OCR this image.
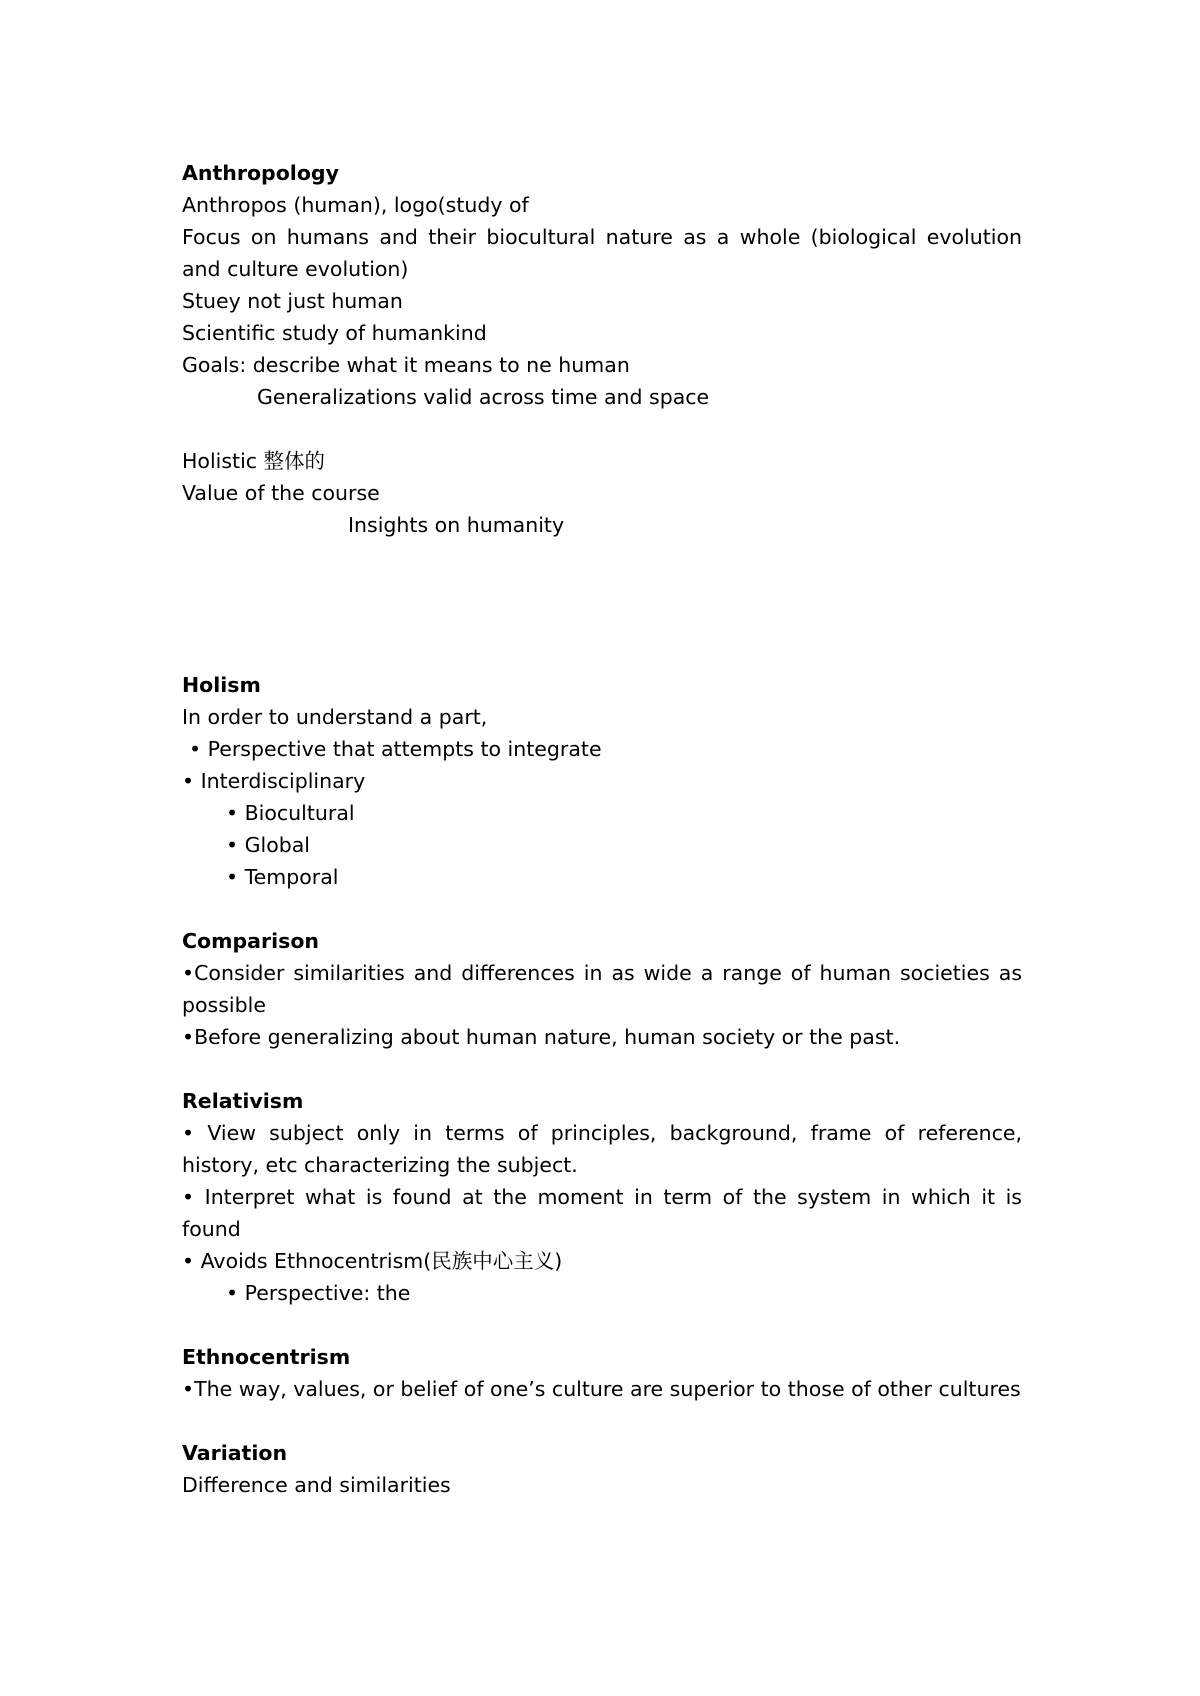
Anthropology
Anthropos (human), logo(study of
Focus on humans and their biocultural nature as a whole (biological evolution and culture evolution)
Stuey not just human
Scientific study of humankind
Goals: describe what it means to ne human
Generalizations valid across time and space
Holistic 整体的
Value of the course
Insights on humanity
Holism
In order to understand a part,
• Perspective that attempts to integrate
• Interdisciplinary
• Biocultural
• Global
• Temporal
Comparison
•Consider similarities and differences in as wide a range of human societies as possible
•Before generalizing about human nature, human society or the past.
Relativism
• View subject only in terms of principles, background, frame of reference, history, etc characterizing the subject.
• Interpret what is found at the moment in term of the system in which it is found
• Avoids Ethnocentrism(民族中心主义)
• Perspective: the
Ethnocentrism
•The way, values, or belief of one’s culture are superior to those of other cultures
Variation
Difference and similarities
